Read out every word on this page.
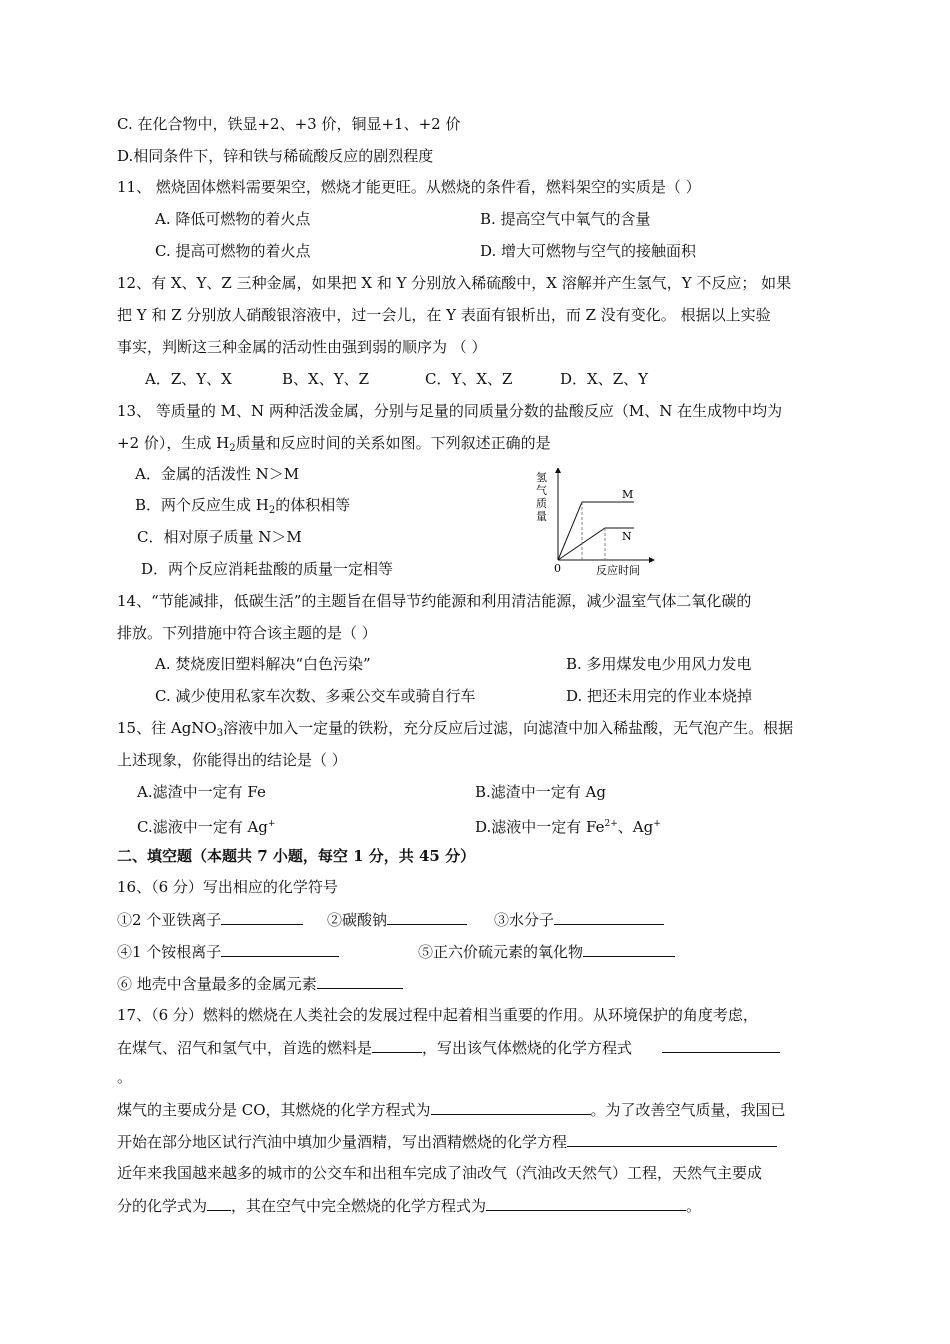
C. 在化合物中，铁显+2、+3 价，铜显+1、+2 价
D.相同条件下，锌和铁与稀硫酸反应的剧烈程度
11、 燃烧固体燃料需要架空，燃烧才能更旺。从燃烧的条件看，燃料架空的实质是（ ）
A. 降低可燃物的着火点	B. 提高空气中氧气的含量
C. 提高可燃物的着火点	D. 增大可燃物与空气的接触面积
12、有 X、Y、Z 三种金属，如果把 X 和 Y 分别放入稀硫酸中，X 溶解并产生氢气，Y 不反应； 如果
把 Y 和 Z 分别放人硝酸银溶液中，过一会儿，在 Y 表面有银析出，而 Z 没有变化。 根据以上实验
事实，判断这三种金属的活动性由强到弱的顺序为 （ ）
A．Z、Y、X	B、X、Y、Z	C．Y、X、Z	D．X、Z、Y
13、 等质量的 M、N 两种活泼金属，分别与足量的同质量分数的盐酸反应（M、N 在生成物中均为
+2 价），生成 $H_2$质量和反应时间的关系如图。下列叙述正确的是
A．金属的活泼性 N＞M
B．两个反应生成 $H_2$的体积相等
C．相对原子质量 N＞M
D．两个反应消耗盐酸的质量一定相等
氢
气
质
量
0	反应时间
M
N
14、“节能减排，低碳生活”的主题旨在倡导节约能源和利用清洁能源，减少温室气体二氧化碳的
排放。下列措施中符合该主题的是（ ）
A. 焚烧废旧塑料解决“白色污染”	B. 多用煤发电少用风力发电
C. 减少使用私家车次数、多乘公交车或骑自行车	D. 把还未用完的作业本烧掉
15、往 AgNO$_3$溶液中加入一定量的铁粉，充分反应后过滤，向滤渣中加入稀盐酸，无气泡产生。根据
上述现象，你能得出的结论是（ ）
A.滤渣中一定有 Fe	B.滤渣中一定有 Ag
C.滤液中一定有 Ag+	D.滤液中一定有 $Fe^{2+}$、Ag+
二、填空题（本题共 7 小题，每空 1 分，共 45 分）
16、（6 分）写出相应的化学符号
①2 个亚铁离子	②碳酸钠	③水分子
④1 个铵根离子	⑤正六价硫元素的氧化物
⑥ 地壳中含量最多的金属元素
17、（6 分）燃料的燃烧在人类社会的发展过程中起着相当重要的作用。从环境保护的角度考虑，
在煤气、沼气和氢气中，首选的燃料是	，写出该气体燃烧的化学方程式
。
煤气的主要成分是 CO，其燃烧的化学方程式为	。为了改善空气质量，我国已
开始在部分地区试行汽油中填加少量酒精，写出酒精燃烧的化学方程
近年来我国越来越多的城市的公交车和出租车完成了油改气（汽油改天然气）工程，天然气主要成
分的化学式为 ，其在空气中完全燃烧的化学方程式为	。
